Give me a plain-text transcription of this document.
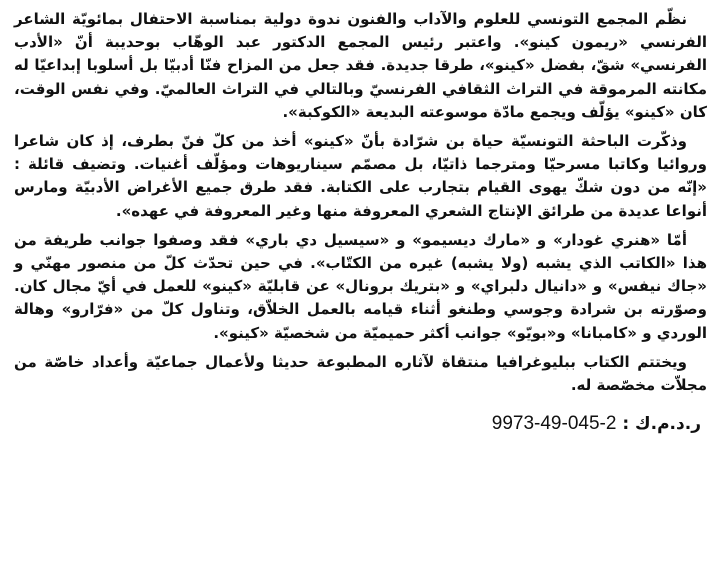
نظّم المجمع التونسي للعلوم والآداب والفنون ندوة دولية بمناسبة الاحتفال بمائويّة الشاعر الفرنسي «ريمون كينو». واعتبر رئيس المجمع الدكتور عبد الوهّاب بوحديبة أنّ «الأدب الفرنسي» شقّ، بفضل «كينو»، طرقا جديدة. فقد جعل من المزاح فنّا أدبيّا بل أسلوبا إبداعيّا له مكانته المرموقة في التراث الثقافي الفرنسيّ وبالتالي في التراث العالميّ. وفي نفس الوقت، كان «كينو» يؤلّف ويجمع مادّة موسوعته البديعة «الكوكبة».

وذكّرت الباحثة التونسيّة حياة بن شرّادة بأنّ «كينو» أخذ من كلّ فنّ بطرف، إذ كان شاعرا وروائيا وكاتبا مسرحيّا ومترجما ذاتيّا، بل مصمّم سيناريوهات ومؤلّف أغنيات. وتضيف قائلة : «إنّه من دون شكّ يهوى القيام بتجارب على الكتابة. فقد طرق جميع الأغراض الأدبيّة ومارس أنواعا عديدة من طرائق الإنتاج الشعري المعروفة منها وغير المعروفة في عهده».

أمّا «هنري غودار» و «مارك ديسيمو» و «سيسيل دي باري» فقد وصفوا جوانب طريفة من هذا «الكاتب الذي يشبه (ولا يشبه) غيره من الكتّاب». في حين تحدّث كلّ من منصور مهنّي و «جاك نيفس» و «دانيال دلبراي» و «بتريك برونال» عن قابليّة «كينو» للعمل في أيّ مجال كان. وصوّرته بن شرادة وجوسي وطنغو أثناء قيامه بالعمل الخلاّق، وتناول كلّ من «فرّارو» وهالة الوردي و «كامبانا» و«بويّو» جوانب أكثر حميميّة من شخصيّة «كينو».

ويختتم الكتاب ببليوغرافيا منتقاة لآثاره المطبوعة حديثا ولأعمال جماعيّة وأعداد خاصّة من مجلاّت مخصّصة له.

ر.د.م.ك : 9973-49-045-2
